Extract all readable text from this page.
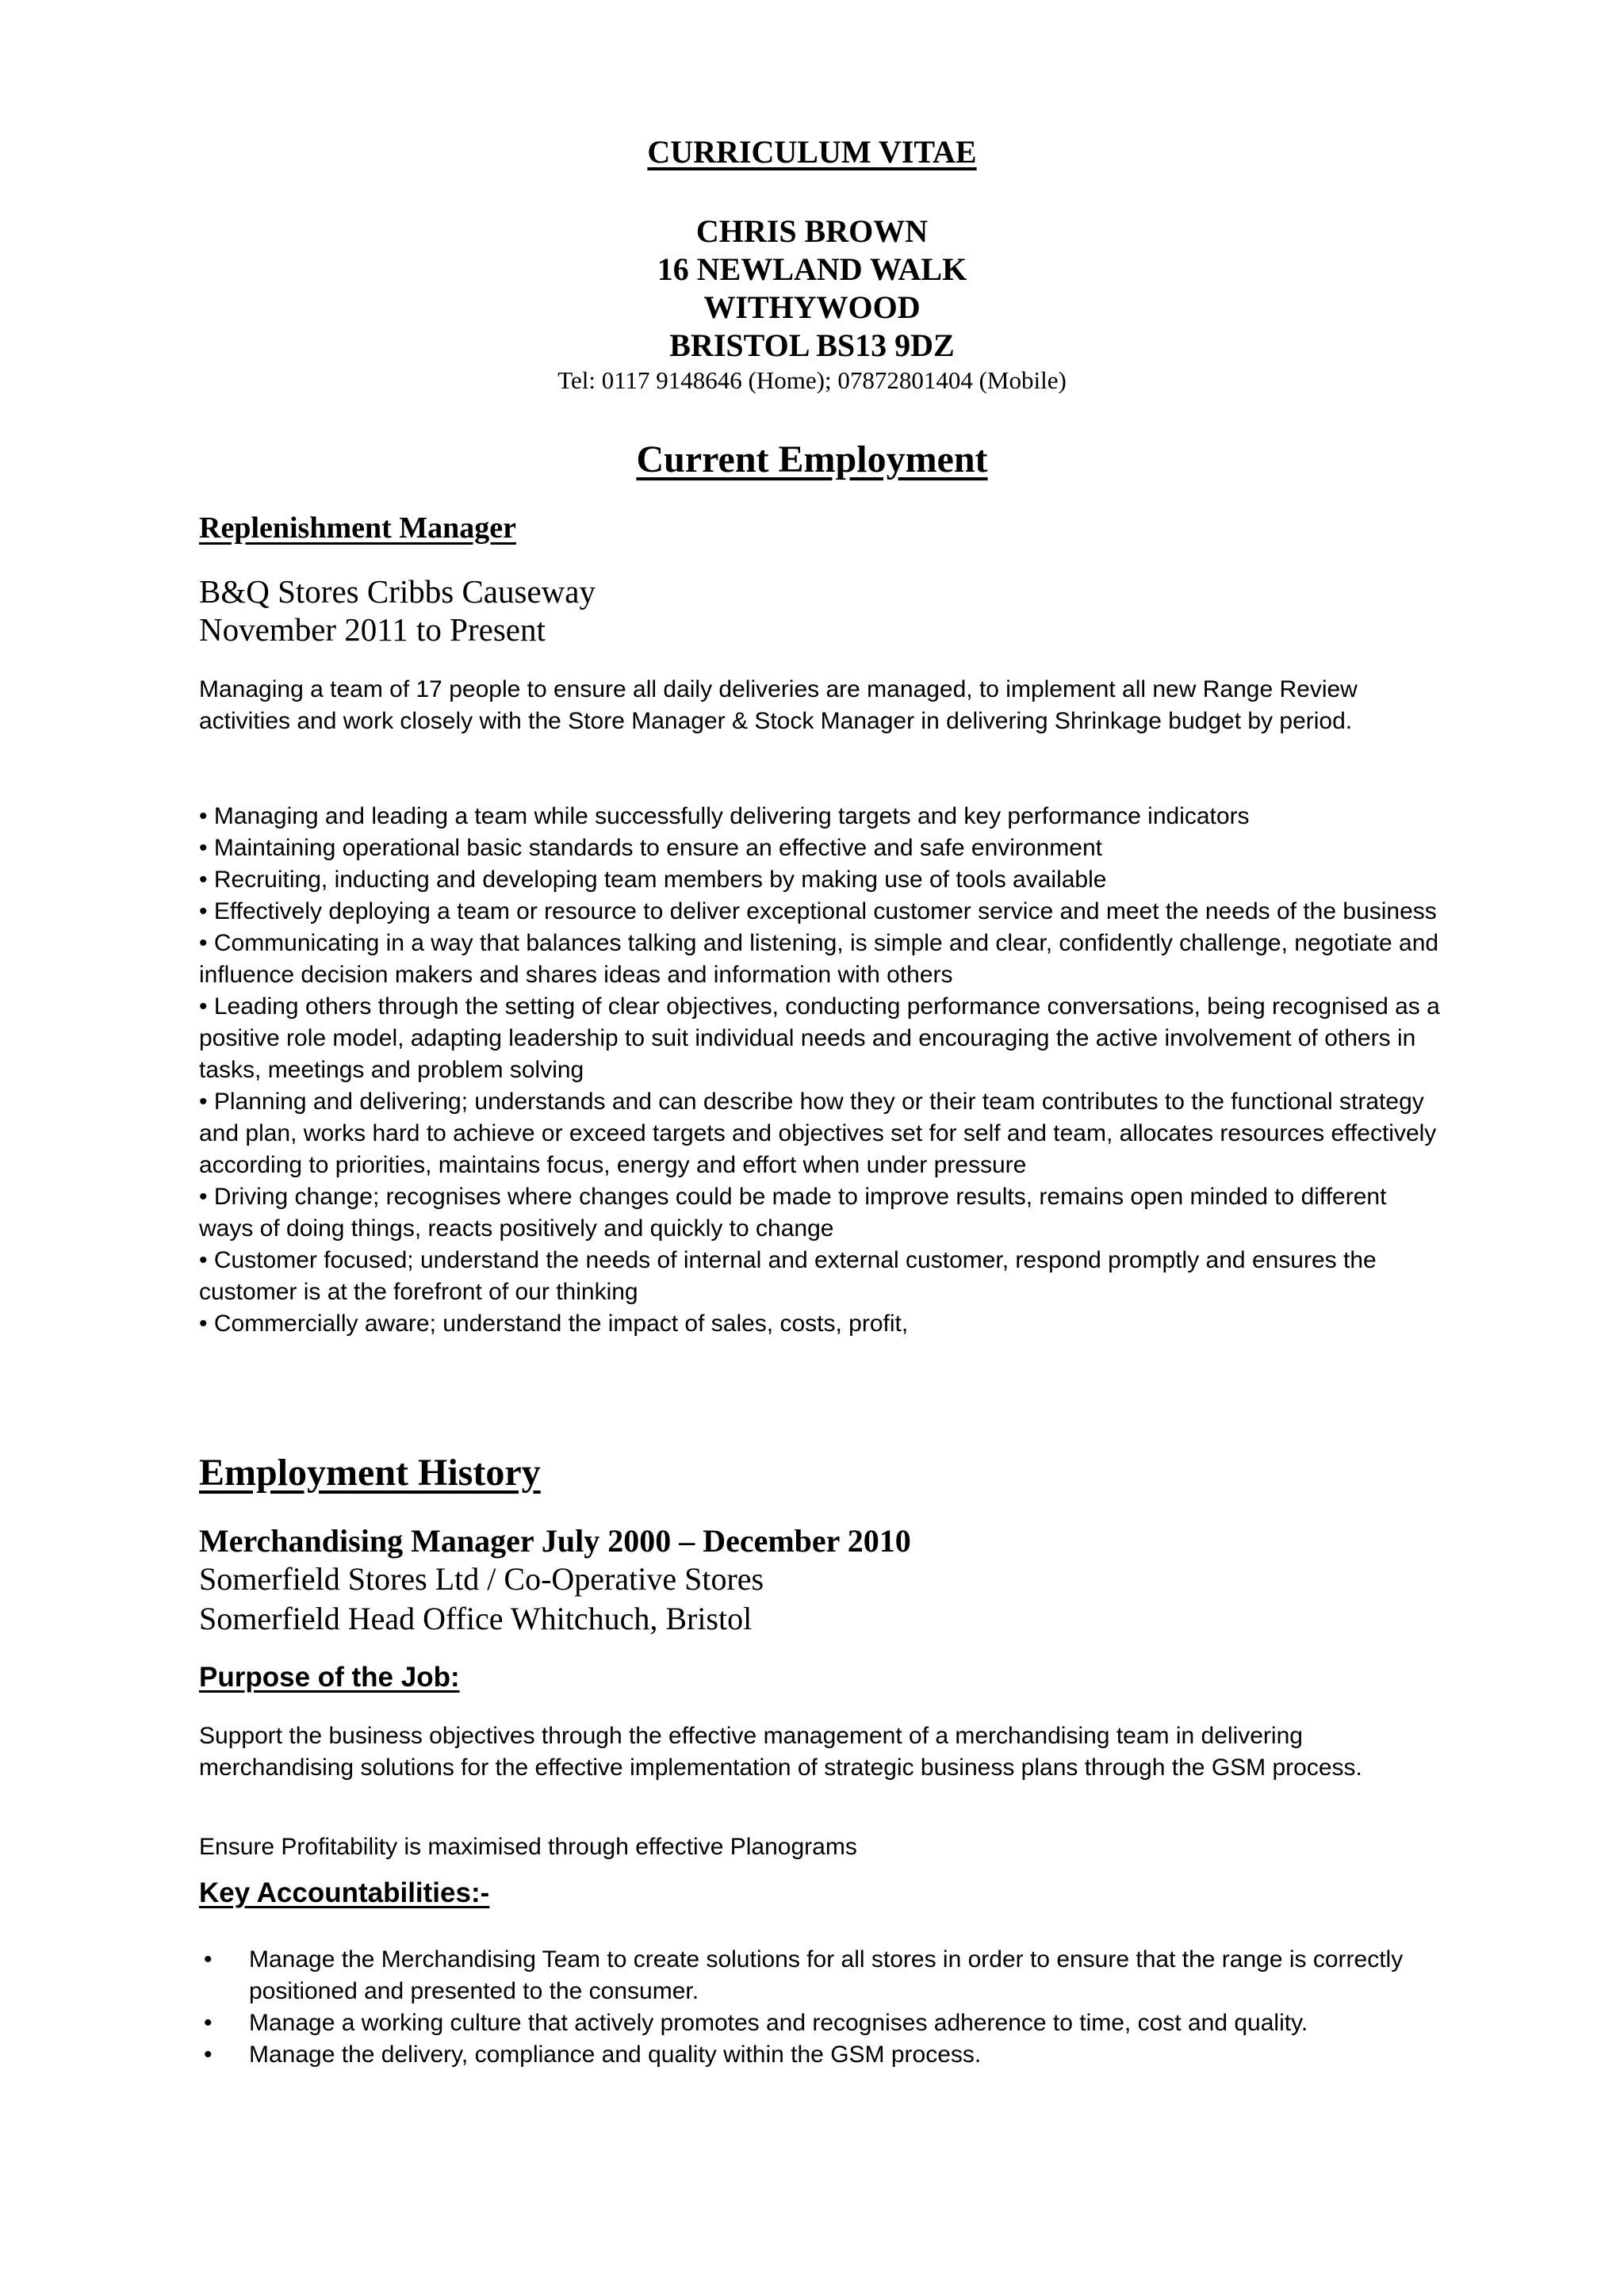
CURRICULUM VITAE
CHRIS BROWN
16 NEWLAND WALK
WITHYWOOD
BRISTOL BS13 9DZ
Tel: 0117 9148646 (Home); 07872801404 (Mobile)
Current Employment
Replenishment Manager
B&Q Stores Cribbs Causeway
November 2011 to Present
Managing a team of 17 people to ensure all daily deliveries are managed, to implement all new Range Review activities and work closely with the Store Manager & Stock Manager in delivering Shrinkage budget by period.
• Managing and leading a team while successfully delivering targets and key performance indicators
• Maintaining operational basic standards to ensure an effective and safe environment
• Recruiting, inducting and developing team members by making use of tools available
• Effectively deploying a team or resource to deliver exceptional customer service and meet the needs of the business
• Communicating in a way that balances talking and listening, is simple and clear, confidently challenge, negotiate and influence decision makers and shares ideas and information with others
• Leading others through the setting of clear objectives, conducting performance conversations, being recognised as a positive role model, adapting leadership to suit individual needs and encouraging the active involvement of others in tasks, meetings and problem solving
• Planning and delivering; understands and can describe how they or their team contributes to the functional strategy and plan, works hard to achieve or exceed targets and objectives set for self and team, allocates resources effectively according to priorities, maintains focus, energy and effort when under pressure
• Driving change; recognises where changes could be made to improve results, remains open minded to different ways of doing things, reacts positively and quickly to change
• Customer focused; understand the needs of internal and external customer, respond promptly and ensures the customer is at the forefront of our thinking
• Commercially aware; understand the impact of sales, costs, profit,
Employment History
Merchandising Manager July 2000 – December 2010
Somerfield Stores Ltd / Co-Operative Stores
Somerfield Head Office Whitchuch, Bristol
Purpose of the Job:
Support the business objectives through the effective management of a merchandising team in delivering merchandising solutions for the effective implementation of strategic business plans through the GSM process.
Ensure Profitability is maximised through effective Planograms
Key Accountabilities:-
• Manage the Merchandising Team to create solutions for all stores in order to ensure that the range is correctly positioned and presented to the consumer.
• Manage a working culture that actively promotes and recognises adherence to time, cost and quality.
• Manage the delivery, compliance and quality within the GSM process.
